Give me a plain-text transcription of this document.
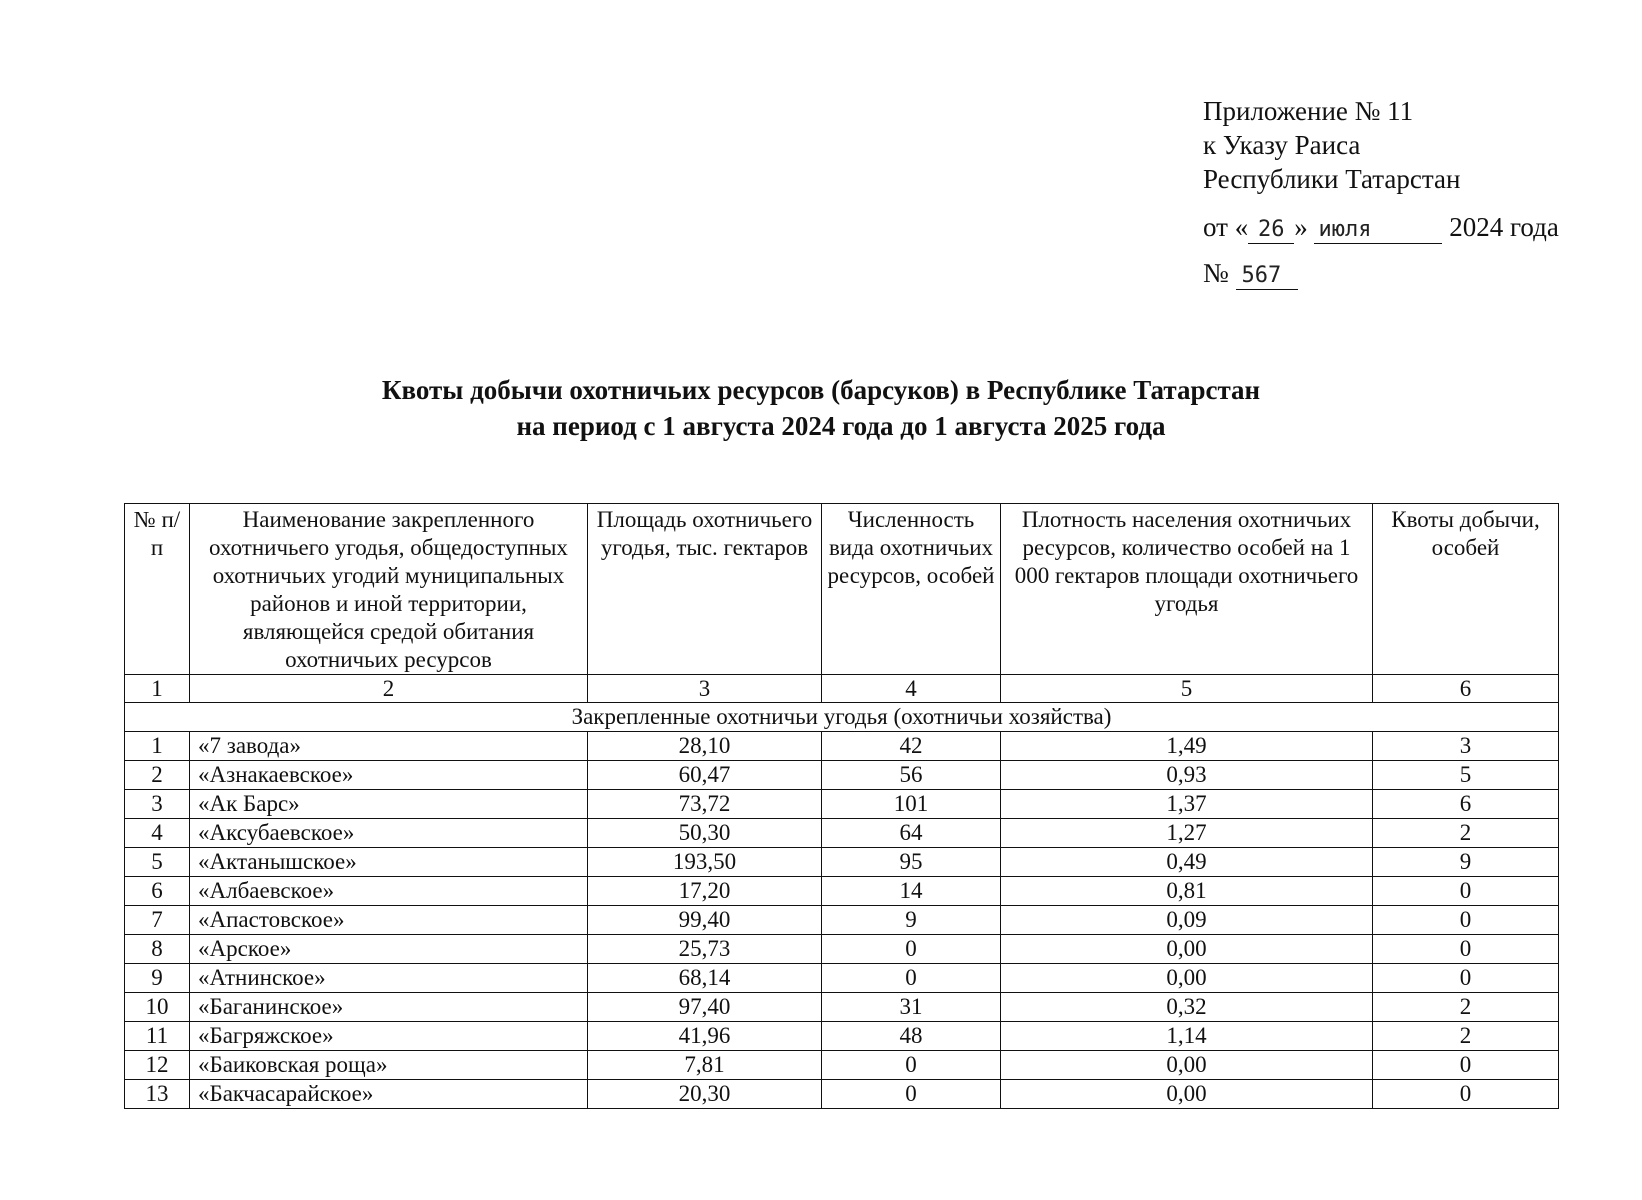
Приложение № 11
к Указу Раиса
Республики Татарстан
от « 26 » июля	2024 года
№ 567
Квоты добычи охотничьих ресурсов (барсуков) в Республике Татарстан
на период с 1 августа 2024 года до 1 августа 2025 года
№ п/п	Наименование закрепленного охотничьего угодья, общедоступных охотничьих угодий муниципальных районов и иной территории, являющейся средой обитания охотничьих ресурсов	Площадь охотничьего угодья, тыс. гектаров	Численность вида охотничьих ресурсов, особей	Плотность населения охотничьих ресурсов, количество особей на 1 000 гектаров площади охотничьего угодья	Квоты добычи, особей
1	2	3	4	5	6
Закрепленные охотничьи угодья (охотничьи хозяйства)					
1	«7 завода»	28,10	42	1,49	3
2	«Азнакаевское»	60,47	56	0,93	5
3	«Ак Барс»	73,72	101	1,37	6
4	«Аксубаевское»	50,30	64	1,27	2
5	«Актанышское»	193,50	95	0,49	9
6	«Албаевское»	17,20	14	0,81	0
7	«Апастовское»	99,40	9	0,09	0
8	«Арское»	25,73	0	0,00	0
9	«Атнинское»	68,14	0	0,00	0
10	«Баганинское»	97,40	31	0,32	2
11	«Багряжское»	41,96	48	1,14	2
12	«Баиковская роща»	7,81	0	0,00	0
13	«Бакчасарайское»	20,30	0	0,00	0
